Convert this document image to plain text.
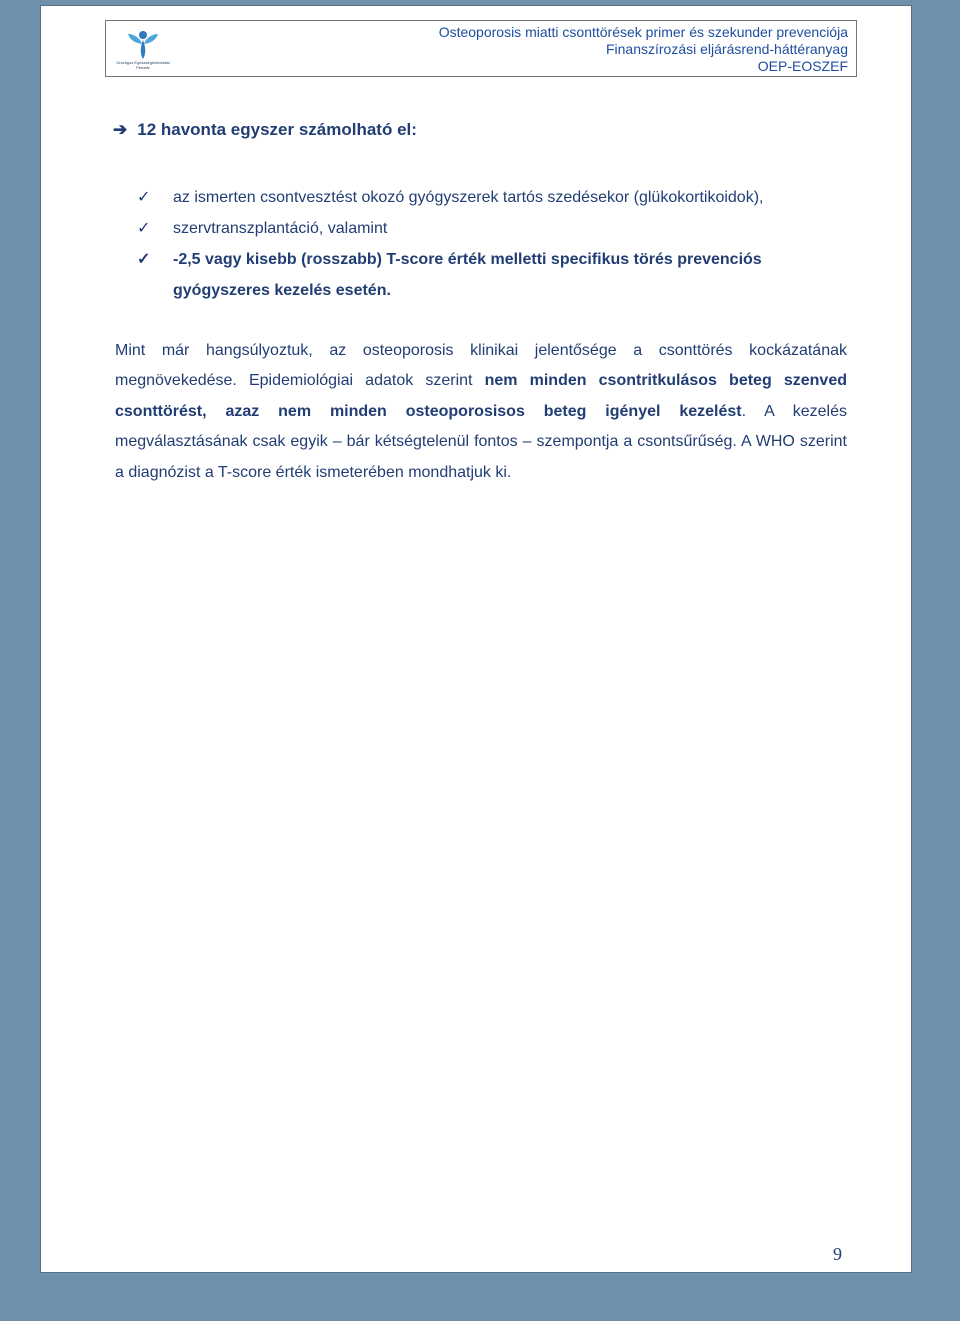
Országos Egészségbiztosítási Pénztár
Osteoporosis miatti csonttörések primer és szekunder prevenciója
Finanszírozási eljárásrend-háttéranyag
OEP-EOSZEF
➔ 12 havonta egyszer számolható el:
✓ az ismerten csontvesztést okozó gyógyszerek tartós szedésekor (glükokortikoidok),
✓ szervtranszplantáció, valamint
✓ -2,5 vagy kisebb (rosszabb) T-score érték melletti specifikus törés prevenciós gyógyszeres kezelés esetén.
Mint már hangsúlyoztuk, az osteoporosis klinikai jelentősége a csonttörés kockázatának megnövekedése. Epidemiológiai adatok szerint nem minden csontritkulásos beteg szenved csonttörést, azaz nem minden osteoporosisos beteg igényel kezelést. A kezelés megválasztásának csak egyik – bár kétségtelenül fontos – szempontja a csontsűrűség. A WHO szerint a diagnózist a T-score érték ismeterében mondhatjuk ki.
9
